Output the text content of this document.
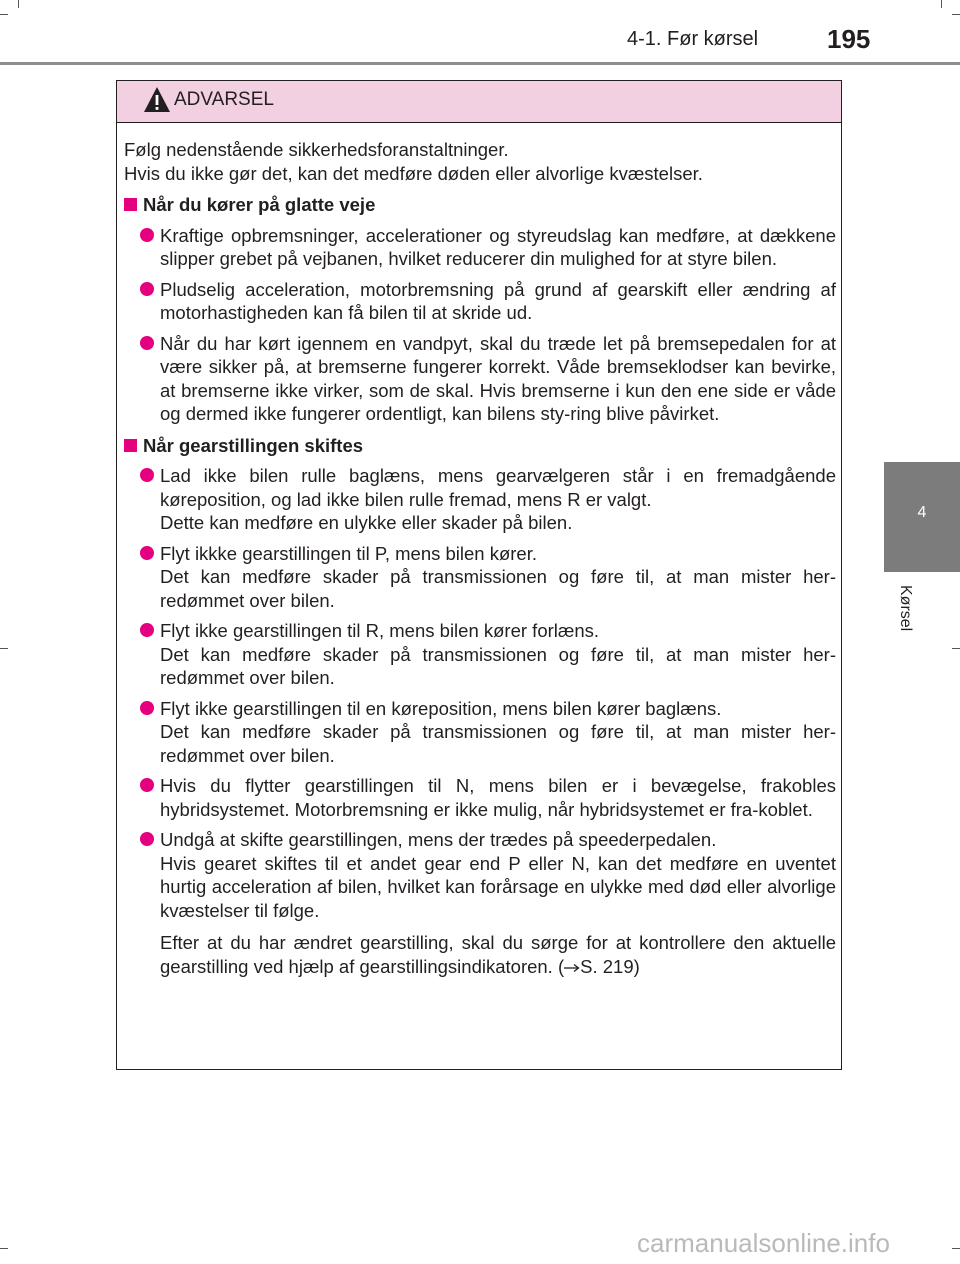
4-1. Før kørsel	195
4
Kørsel
ADVARSEL

Følg nedenstående sikkerhedsforanstaltninger.

Hvis du ikke gør det, kan det medføre døden eller alvorlige kvæstelser.

Når du kører på glatte veje

Kraftige opbremsninger, accelerationer og styreudslag kan medføre, at dækkene slipper grebet på vejbanen, hvilket reducerer din mulighed for at styre bilen.

Pludselig acceleration, motorbremsning på grund af gearskift eller ændring af motorhastigheden kan få bilen til at skride ud.

Når du har kørt igennem en vandpyt, skal du træde let på bremsepedalen for at være sikker på, at bremserne fungerer korrekt. Våde bremseklodser kan bevirke, at bremserne ikke virker, som de skal. Hvis bremserne i kun den ene side er våde og dermed ikke fungerer ordentligt, kan bilens sty-ring blive påvirket.

Når gearstillingen skiftes

Lad ikke bilen rulle baglæns, mens gearvælgeren står i en fremadgående køreposition, og lad ikke bilen rulle fremad, mens R er valgt.

Dette kan medføre en ulykke eller skader på bilen.

Flyt ikkke gearstillingen til P, mens bilen kører.

Det kan medføre skader på transmissionen og føre til, at man mister her-redømmet over bilen.

Flyt ikke gearstillingen til R, mens bilen kører forlæns.

Det kan medføre skader på transmissionen og føre til, at man mister her-redømmet over bilen.

Flyt ikke gearstillingen til en køreposition, mens bilen kører baglæns.

Det kan medføre skader på transmissionen og føre til, at man mister her-redømmet over bilen.

Hvis du flytter gearstillingen til N, mens bilen er i bevægelse, frakobles hybridsystemet. Motorbremsning er ikke mulig, når hybridsystemet er fra-koblet.

Undgå at skifte gearstillingen, mens der trædes på speederpedalen.

Hvis gearet skiftes til et andet gear end P eller N, kan det medføre en uventet hurtig acceleration af bilen, hvilket kan forårsage en ulykke med død eller alvorlige kvæstelser til følge.

Efter at du har ændret gearstilling, skal du sørge for at kontrollere den aktuelle gearstilling ved hjælp af gearstillingsindikatoren. ( S. 219)
carmanualsonline.info
